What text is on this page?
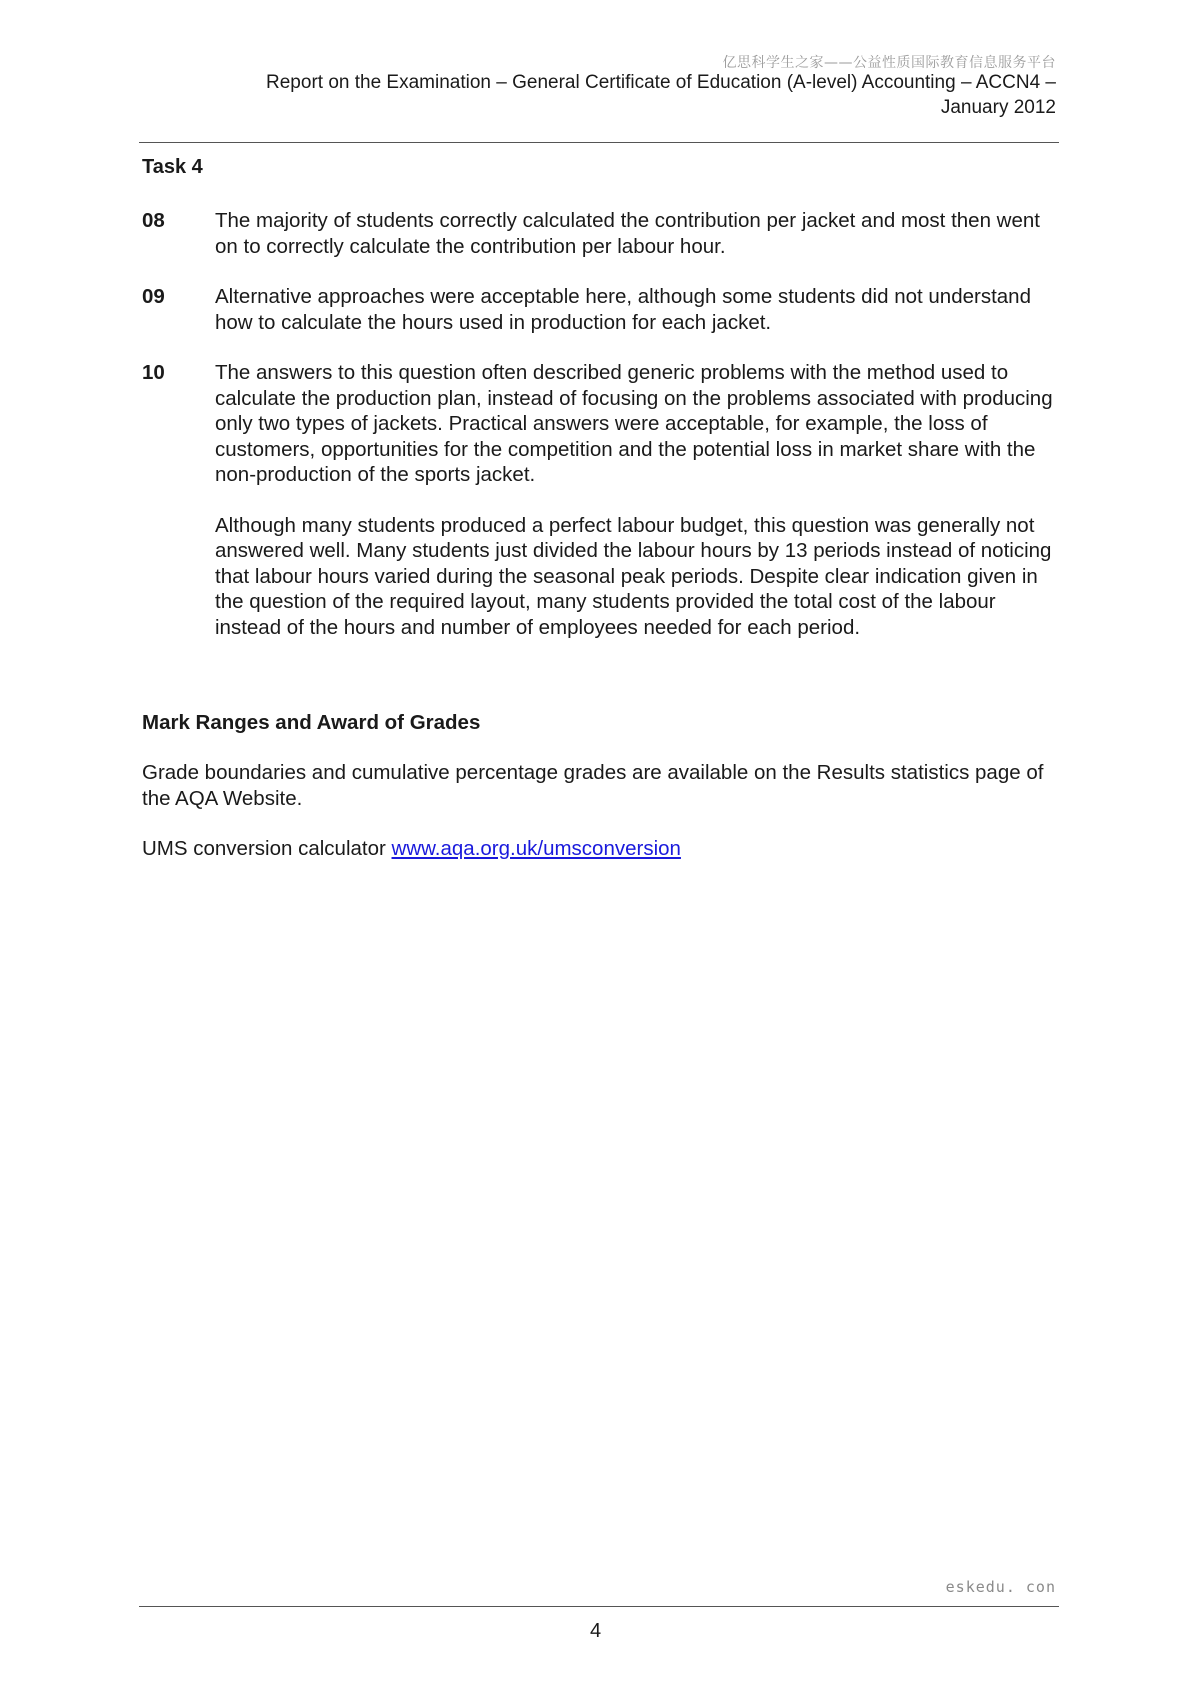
亿思科学生之家——公益性质国际教育信息服务平台
Report on the Examination – General Certificate of Education (A-level) Accounting – ACCN4 –
January 2012
Task 4
08 The majority of students correctly calculated the contribution per jacket and most then went on to correctly calculate the contribution per labour hour.

09 Alternative approaches were acceptable here, although some students did not understand how to calculate the hours used in production for each jacket.

10 The answers to this question often described generic problems with the method used to calculate the production plan, instead of focusing on the problems associated with producing only two types of jackets. Practical answers were acceptable, for example, the loss of customers, opportunities for the competition and the potential loss in market share with the non-production of the sports jacket.

Although many students produced a perfect labour budget, this question was generally not answered well. Many students just divided the labour hours by 13 periods instead of noticing that labour hours varied during the seasonal peak periods. Despite clear indication given in the question of the required layout, many students provided the total cost of the labour instead of the hours and number of employees needed for each period.

Mark Ranges and Award of Grades

Grade boundaries and cumulative percentage grades are available on the Results statistics page of the AQA Website.

UMS conversion calculator www.aqa.org.uk/umsconversion

eskedu. con
4
